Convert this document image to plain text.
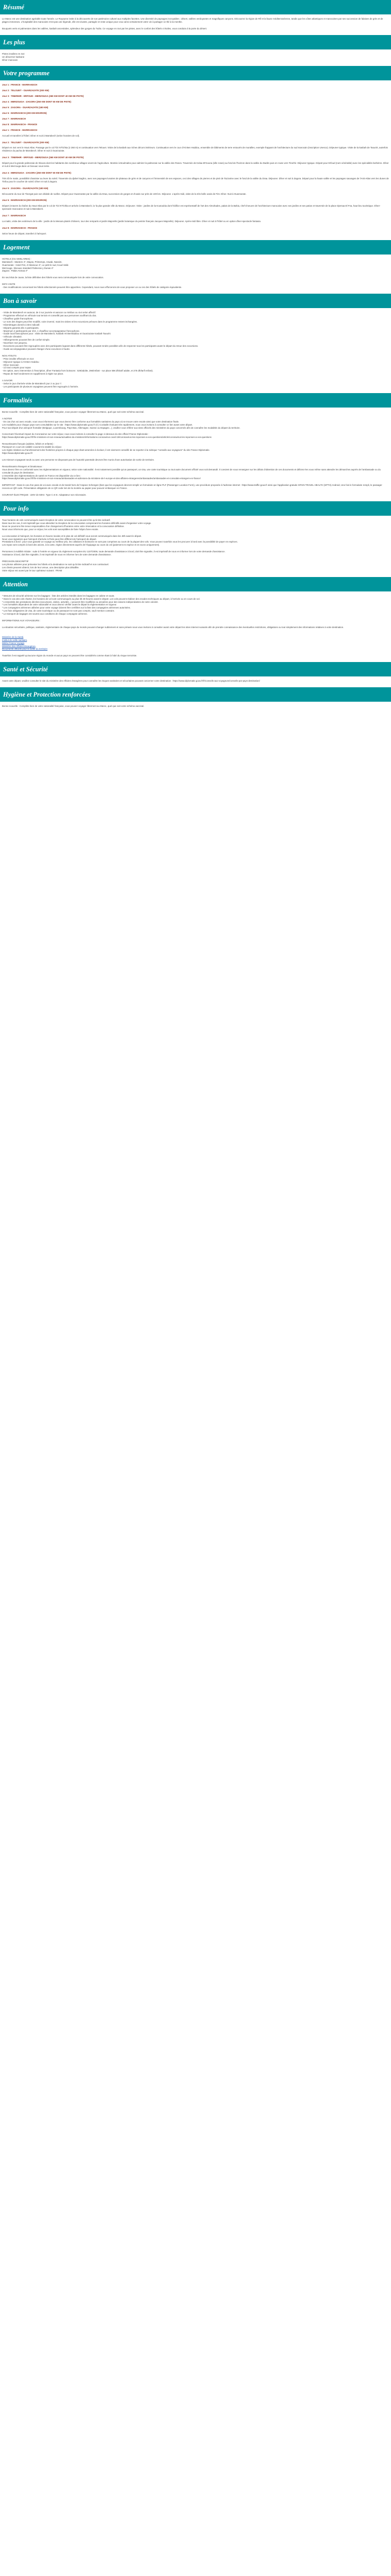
Résumé

Le Maroc est une destination agréable toute l'année. Le Royaume invite à la découverte de son patrimoine culturel aux multiples facettes. Une diversité de paysages incroyables : désert, vallées verdoyantes et magnifiques canyons. Découvrez la région de Rif et la faune méditerranéenne, tandis que les côtes atlantiques et marocaines par ses succession de falaises de grès et de plages immenses. L'hospitalité des marocains n'est pas une légende, elle est vivante, partagée et reste unique pour ceux ainsi certainement votre vie à partager ce thé à la menthe.

Bouquets verts et palmeraies dans les vallées, kasbah ancestrales, splendeur des gorges du Todra. Ce voyage en 4x4 par les pistes, avec le confort des hôtels 4 étoiles, vous conduira à la porte du désert.

Les plus
Pistes insolites en 4x4
Un désormer kasbane
Dîner marocain
Votre programme
Jour 1 : FRANCE - MARRAKECH
Jour 2 : TELOUET - OUARZAZATE (200 KM)
Jour 3 : TINERHIR - ERFOUD - MERZOUGA (360 KM DONT 40 KM DE PISTE)
Jour 4 : MERZOUGA - ZAGORA (250 KM DONT 50 KM DE PISTE)
Jour 5 : ZAGORA - OUARZAZATE (180 KM)
Jour 6 : MARRAKECH (200 KM ENVIRON)
Jour 7 : MARRAKECH
Jour 8 : MARRAKECH - FRANCE
Jour 1 : FRANCE - MARRAKECH

Accueil et transfert à l'hôtel. Dîner et nuit à Marrakech (selon horaires de vol).

Jour 2 : TELOUET - OUARZAZATE (200 KM)

Départ en 4x4 vers le Haut Atlas. Passage par le col Tizi N'Tichka (2 260 m) et continuation vers Telouet. Visite de la kasbah aux riches décors intérieurs. Continuation vers le cour d'Ait Ben Haddou, ensemble de bâtiments de terre entourés de murailles, exemple frappant de l'architecture du sud marocain (inscription Unesco). Déjeuner typique. Visite de la kasbah de Taourirt, autrefois résidence du pacha de Marrakech. Dîner et nuit à Ouarzazate.

Jour 3 : TINERHIR - ERFOUD - MERZOUGA (360 KM DONT 40 KM DE PISTE)

Départ pour la grande palmeraie de Skoura dont les habitants des nombreux villages vivent de l'agriculture. Montée à Boulmalne pour admirer la palmeraie sur la vallée des Roses. Traversée de Kelaa M'Gouna (ville roses) au fond de l'horizon dans la vallée du Dadès puis en route vers Tinerhir. Déjeuner typique. Départ pour Erfoud (nom vénérable) avec les spécialités berbères. Dîner et nuit à Merzouga dans un bivouac sous tente.

Jour 4 : MERZOUGA - ZAGORA (250 KM DONT 50 KM DE PISTE)

Très tôt le matin, possibilité d'assister au lever du soleil. Traversée du djebel Saghro, avec ses paysages lunaires de plateaux de grès et de canyons et l'immensité de ses espaces, ceci des villages de pierres et de pisé de Tazzarine avec le fond de la vallée du Draa. Déjeuner. Dîner et nuit à Zagora. Départ pour la haute vallée et les paysages sauvages de l'Anti-Atlas vers les dunes de Tinfou pour le coucher de soleil. Dîner et nuit à Zagora.

Jour 5 : ZAGORA - OUARZAZATE (180 KM)

Découverte du tour de Tisergat puis son dédale de ruelles. Départ pour Ouarzazate par la vallée du Draa, succession de gorges et d'oasis sur près de 100 km. Déjeuner. L'après-midi, visite de la très belle oasis de Fint. Dîner. Nuit à Ouarzazate.

Jour 6 : MARRAKECH (200 KM ENVIRON)

Départ à travers la chaîne du Haut Atlas par le col de Tizi N'Tichka et arrivée à Marrakech, la 'la plus grande ville du Maroc. Déjeuner. Visite : jardins de la Koutoubia dont l'édifice est représentatif de l'art des Almohades, palais de la Bahia, chef-d'oeuvre de l'architecture marocaine avec ses jardins et ses patios et traversée de la place Djemaa El Fna, haut lieu touristique. Dîner-spectacle marocaine et nuit à Marrakech.

Jour 7 : MARRAKECH

La matin, visite des extérieurs de la ville : jardin de la Menara planté d'oliviers, tour des remparts et jardin Majorelle (jardin botanique du peintre français Jacques Majorelle). Déjeuner. Après-midi libre. Dîner et nuit à l'hôtel ou en option dîner-spectacle fantasia.

Jour 8 : MARRAKECH - FRANCE

Selon heure de départ, transfert à l'aéroport.

Logement

HOTELS (OU SIMILAIRES) :
Marrakech : Mantem 4*, Mayas, Printemps, Aswak, Nassim.
Ouarzazate : Hotel Fint, Al Mansour 4*, Le petit le sud, Koud Valid.
Merzouga : Bivouac standard Palmeras y Dunas 4*
Zagora : Palais Asmaa 4*

En seul état de cause, la liste définitive des hôtels vous sera communiquée lors de votre convocation.

INFO VISITE
- Des modifications concernant les hôtels sélectionnés peuvent être apportées. Cependant, nous nous efforcerons de vous proposer un ou ces des hôtels de catégorie équivalente.

Bon à savoir

- Visite de Marrakech en autocar, de 3 sur journée et autocar ou minibus ou 4x4 selon affectif.
- Programme effectué en véhicule tout terrain et conseillé pas aux personnes souffrant du dos.
- Chauffeur guide francophone.
- Le nom des étapes peut être modifié, voire inversé, mais les visites et les excursions prévues dans le programme restent inchangées.
- Kilométrages donnés à titre indicatif.
- Départs garantis dès 4 participants.
- Maximum 4 participants par 4X4, 1 chauffeur accompagnateur francophone.
- Guide local francophone pour : visite de Marrakech, Kasbah Aït Benhaddou et Ouarzazate Kasbah Taourirt.
- Véhicule climatisé.
- Hébergements pouvant être de confort simple.
- Nourriture 4x4 jusqu'au.
- Excursions pouvant être regroupées avec des participants logeant dans différents hôtels, pouvant rendre possibles afin de respecter tous les participants avant le départ du retour des excursions.
- Guide accompagnateur pouvant changer d'une excursion à l'autre.

NOS ATOUTS
- Prise insolite effectuée en 4x4
- Déjeuner typique à Aït Ben Haddou
- Dîner marocain
- 1/2 taxi compris pour repas
- En option, avec intervention à l'inscription, dîner Fantasia hors boissons : 52€/adulte, 26€/enfant - sur place 55€ dh/tarif adulte, et 275 dh/tarif enfant).
- Repas de Noël seulement en supplément à régler sur place.

A SAVOIR
- Selon le jour d'arrivée visite de Marrakech jour 2 ou jour 7.
- Les participants de plusieurs voyagistes peuvent être regroupés à l'arrivée.

Formalités

Bonne nouvelle : Complète bien de votre nationalité française, vous pouvez voyager librement au Maroc, quel que soit votre schéma vaccinal.

A NOTER
- En cas d'un voi avec escale, vous vous informerez que vous devrez être conforme aux formalités sanitaires du pays où se trouve votre escale ainsi que votre destination finale.
Les modalités pour chaque pays sont consultables sur le site : https://www.diplomatie.gouv.fr (rl.) Cockaille évoluant très rapidement, nous vous invitons à consulter ce lien avant votre départ.
Pour tout départ d'un aéroport frontalier (Belgique, Luxembourg, Pays-Bas, Allemagne, Suisse ou Espagne...), veuillez vous référer aux sites officiels des ministères du pays concernés afin de connaître les modalités du départ du territoire.

Concernant l'éventuel impact du Coronavirus sur votre séjour, nous vous invitons à consulter la page ci-dessous du site officiel France Diplomatie :
https://www.diplomatie.gouv.fr/fr/le-ministere-et-son-reseau/actualites-du-ministere/informations-coronavirus-covid-19/coronavirus-les-reponses-a-vos-questions/article/coronavirus-les-reponses-a-vos-questions

Ressortissants français (adultes, bébés et enfants) :
Passeport en cours de validité couvrant la totalité du séjour.
Les règles relatives au franchissement des frontières propres à chaque pays étant amenées à évoluer, il est vivement conseillé de se reporter à la rubrique "conseils aux voyageurs" du site France Diplomatie.
https://www.diplomatie.gouv.fr/

Les mineurs voyageant seuls ou avec une personne ne disposant pas de l'autorité parentale devront être munis d'une autorisation de sortie de territoire.

Ressortissants étrangers et binationaux :
Vous devrez être en conformité avec les réglementations en vigueur, selon votre nationalité. Il est notamment possible qu'un passeport, un visa, une carte touristique ou tout autre document officiel vous soit demandé. Il convient de vous renseigner sur les délais d'obtention de ces documents et délivrez-les vous même sans attendre les démarches auprès de l'ambassade ou du consulat du pays de destination.
L'ensemble des réglementations de santé en France est disponible via ce lien :
https://www.diplomatie.gouv.fr/fr/le-ministere-et-son-reseau/ambassades-et-adresses-du-ministere-de-l-europe-et-des-affaires-etrangeres/ambassades/ambassades-et-consulats-etrangers-en-france/

IMPORTANT : Dans le cas d'un pass de voi avec escale et de transit hors de l'espace Schengen (bien que les voyageurs devront remplir un formulaire en ligne PLF (Passenger Location Form), une procédure proposée à l'adresse internet : https://www.traffic-gouv.fr ainsi que l'application gratuite SPAIN TRAVEL HEALTH (SPTH) Android, Une fois le formulaire rempli, le passager recevra un QR code. Présentation obligatoire de ce QR code lors de la montée au papier pour pouvoir embarquer en France.

COURANT ÉLECTRIQUE : 220V de 50Hz. Type C et E. Adaptateur non nécessaire.

Pour info

Tous horaires de vols communiqués avant réception de votre convocation ne peuvent être qu'à titre indicatif.
Dans tous les cas, il est impératif que vous attendiez la réception de la convocation comprenant les horaires définitifs avant d'organiser votre voyage.
Nous ne pourrons être tenus responsables d'un changement d'horaires entre votre réservation et la convocation définitive.
Nous vous informons que, pour ce séjour, les vols sont susceptibles de faire l'objet d'une escale.

La convocation à l'aéroport, les horaires en heures locales et le plan de vol définitif vous seront communiqués dans les 48h avant le départ.
Nous vous signalons que l'aéroport d'arrivée à Paris peut être différent de l'aéroport de départ.
Prestations à bord : pour vous garantir un voyage au meilleur prix, les collations et boissons ne sont pas comprises au cours de la plupart des vols. Vous pouvez toutefois vous les procurer à bord avec la possibilité de payer en espèces.
Les repas sont compris à bord des avions, à la carte, règlez directement auprès de l'équipage au cours du vol (paiement en espèce et en euros uniquement).

Personnes à mobilité réduite : suite à l'entrée en vigueur du règlement européen EU 1107/2006, toute demande d'assistance à bord, doit être signalée, il est impératif de nous en informer lors de votre demande d'assistance.
Assistance à bord, doit être signalée, il est impératif de nous en informer lors de votre demande d'assistance.

PRÉCISION DESCRIPTIF
Les photos utilisées pour présenter les hôtels et la destination ne sont qu'à titre indicatif et non contractuel.
Les clients peuvent obtenir, lors de leur venue, une description plus détaillée.
Votre séjour est ouvert par le tour opérateur suivant : FRAM

Attention

* Mesures de sécurité aérienne sur les bagages : liste des articles interdits dans les bagages en cabine et soute.
* Dans le cas des vols charter, les horaires de vol sont communiqués au plus tôt 48 heures avant le départ. Les vols peuvent réaliser des escales techniques au départ, à l'arrivée ou en cours de vol.
* L'ensemble des prestations décrites (excursions, visites, activités...) peuvent être modifiées ou annulées pour des raisons indépendantes de notre volonté.
* Les formalités dépendent de votre nationalité et vous devrez vérifier avant le départ la réglementation en vigueur.
* Les compagnies aériennes utilisées pour votre voyage doivent être certifiées sur la liste des compagnies aériennes autorisées.
* Les frais obligatoires de visa, de carte touristique ou de passeport ne sont pas compris, sauf mention contraire.
* Le transport de bagages est soumis aux conditions de chaque compagnie aérienne.

INFORMATIONS AUX VOYAGEURS :

La situation sécuritaire, politique, sanitaire, réglementaire de chaque pays du monde pouvant changer subitement et sans préavis nous vous invitons à consulter avant votre départ les sites internet suivants afin de prendre connaissance des éventuelles restrictions, obligations ou tout simplement des informations relatives à votre destination.

Ministère de la Santé,
Institut de veille sanitaire,
Météo France Voyage,
Ministère des Affaires Étrangères,
Documents officiels pour la sortie du territoire

Toutefois il est rappelé qu'aucune région du monde et aucun pays ne peuvent être considérés comme étant à l'abri du risque terroriste.

Santé et Sécurité

Avant votre départ, veuillez consulter le site du ministère des Affaires étrangères pour connaître les risques sanitaires et sécuritaires pouvant concerner votre destination : https://www.diplomatie.gouv.fr/fr/conseils-aux-voyageurs/conseils-par-pays-destination/

Hygiène et Protection renforcées

Bonne nouvelle : Complète bien de votre nationalité française, vous pouvez voyager librement au Maroc, quel que soit votre schéma vaccinal.
